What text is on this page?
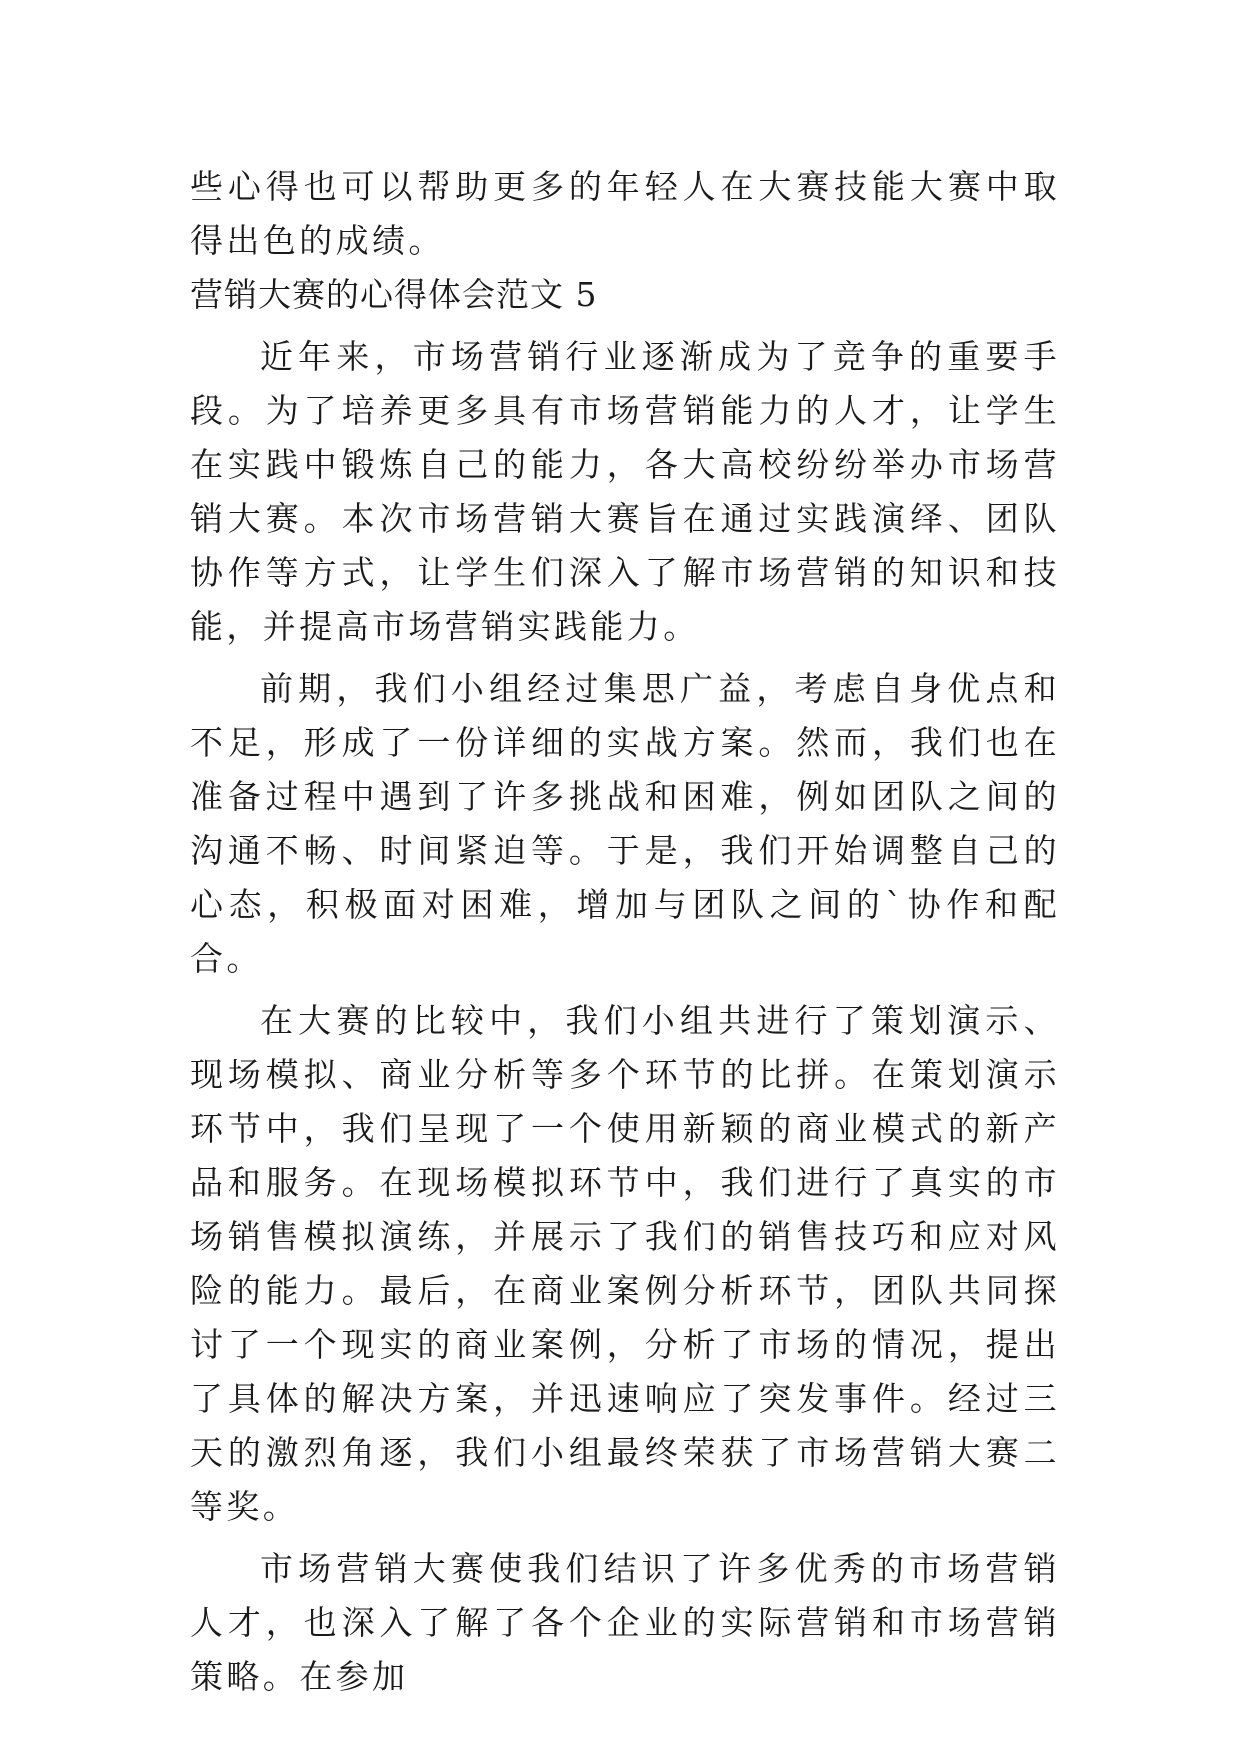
些心得也可以帮助更多的年轻人在大赛技能大赛中取得出色的成绩。

营销大赛的心得体会范文 5

近年来，市场营销行业逐渐成为了竞争的重要手段。为了培养更多具有市场营销能力的人才，让学生在实践中锻炼自己的能力，各大高校纷纷举办市场营销大赛。本次市场营销大赛旨在通过实践演绎、团队协作等方式，让学生们深入了解市场营销的知识和技能，并提高市场营销实践能力。

前期，我们小组经过集思广益，考虑自身优点和不足，形成了一份详细的实战方案。然而，我们也在准备过程中遇到了许多挑战和困难，例如团队之间的沟通不畅、时间紧迫等。于是，我们开始调整自己的心态，积极面对困难，增加与团队之间的`协作和配合。

在大赛的比较中，我们小组共进行了策划演示、现场模拟、商业分析等多个环节的比拼。在策划演示环节中，我们呈现了一个使用新颖的商业模式的新产品和服务。在现场模拟环节中，我们进行了真实的市场销售模拟演练，并展示了我们的销售技巧和应对风险的能力。最后，在商业案例分析环节，团队共同探讨了一个现实的商业案例，分析了市场的情况，提出了具体的解决方案，并迅速响应了突发事件。经过三天的激烈角逐，我们小组最终荣获了市场营销大赛二等奖。

市场营销大赛使我们结识了许多优秀的市场营销人才，也深入了解了各个企业的实际营销和市场营销策略。在参加
